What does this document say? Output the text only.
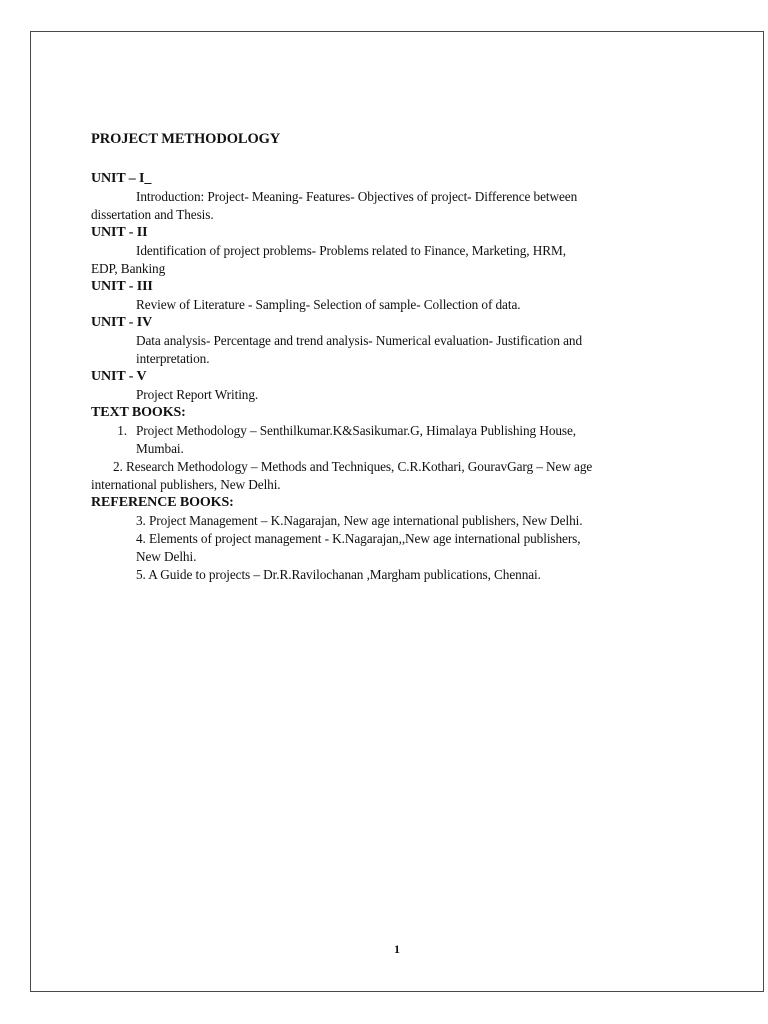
PROJECT METHODOLOGY
UNIT – I_
Introduction: Project- Meaning- Features- Objectives of project- Difference between
dissertation and Thesis.
UNIT - II
Identification of project problems- Problems related to Finance, Marketing, HRM,
EDP, Banking
UNIT - III
Review of Literature - Sampling- Selection of sample- Collection of data.
UNIT - IV
Data analysis- Percentage and trend analysis- Numerical evaluation- Justification and
interpretation.
UNIT - V
Project Report Writing.
TEXT BOOKS:
1. Project Methodology – Senthilkumar.K&Sasikumar.G, Himalaya Publishing House,
Mumbai.
2. Research Methodology – Methods and Techniques, C.R.Kothari, GouravGarg – New age
international publishers, New Delhi.
REFERENCE BOOKS:
3. Project Management – K.Nagarajan, New age international publishers, New Delhi.
4. Elements of project management - K.Nagarajan,,New age international publishers,
New Delhi.
5. A Guide to projects – Dr.R.Ravilochanan ,Margham publications, Chennai.
1
